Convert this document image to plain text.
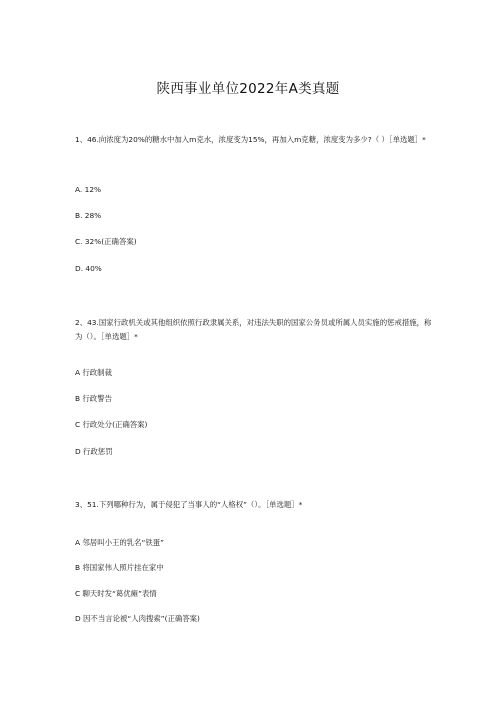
陕西事业单位2022年A类真题

1、46.向浓度为20%的糖水中加入m克水，浓度变为15%，再加入m克糖，浓度变为多少?（ ）［单选题］*

A. 12%
B. 28%
C. 32%(正确答案)
D. 40%

2、43.国家行政机关或其他组织依照行政隶属关系，对违法失职的国家公务员或所属人员实施的惩戒措施，称为（）。［单选题］*

A 行政制裁
B 行政警告
C 行政处分(正确答案)
D 行政惩罚

3、51.下列哪种行为，属于侵犯了当事人的“人格权”（）。［单选题］*

A 邻居叫小王的乳名“铁蛋”
B 将国家伟人照片挂在家中
C 聊天时发“葛优瘫”表情
D 因不当言论被“人肉搜索”(正确答案)
